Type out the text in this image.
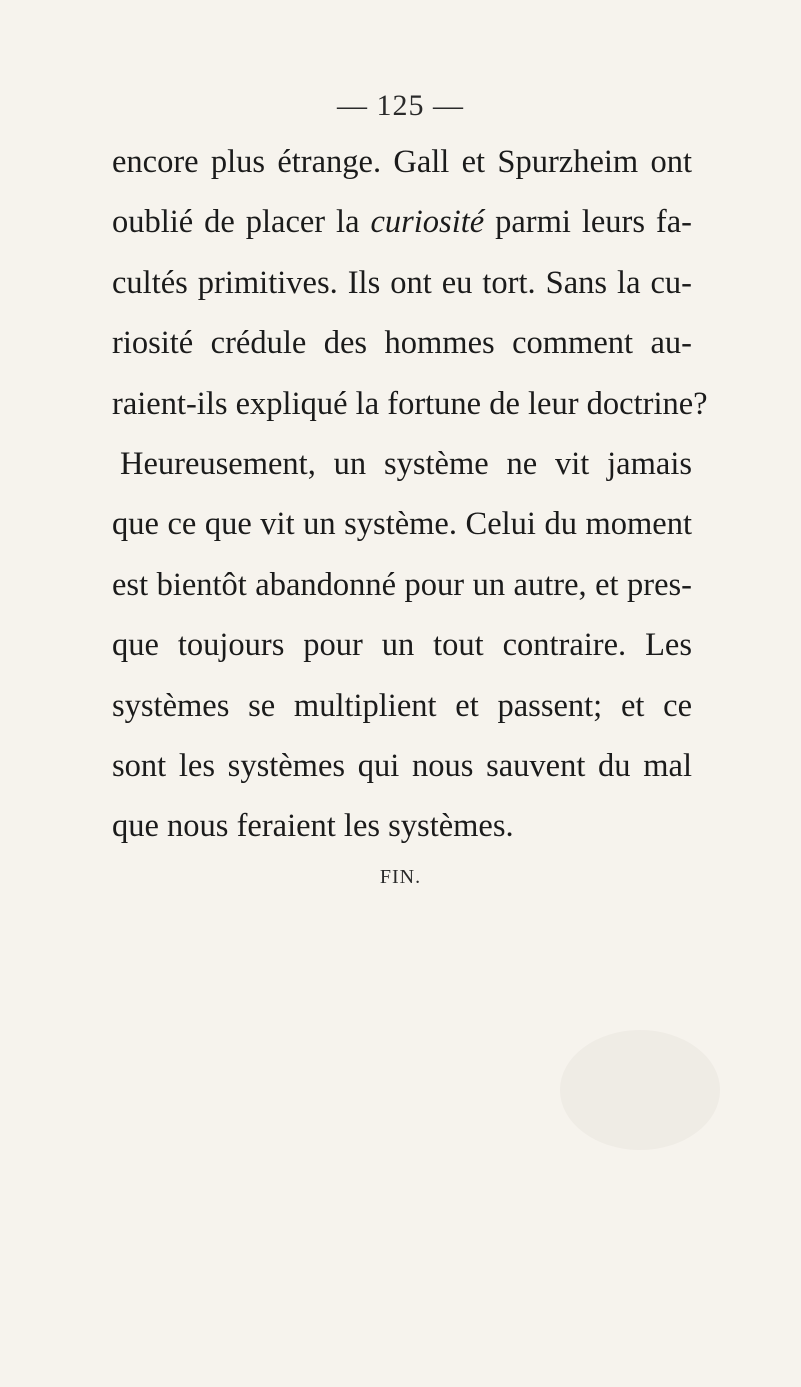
— 125 —
encore plus étrange. Gall et Spurzheim ont
oublié de placer la curiosité parmi leurs fa-
cultés primitives. Ils ont eu tort. Sans la cu-
riosité crédule des hommes comment au-
raient-ils expliqué la fortune de leur doctrine?
Heureusement, un système ne vit jamais
que ce que vit un système. Celui du moment
est bientôt abandonné pour un autre, et pres-
que toujours pour un tout contraire. Les
systèmes se multiplient et passent; et ce
sont les systèmes qui nous sauvent du mal
que nous feraient les systèmes.
FIN.
